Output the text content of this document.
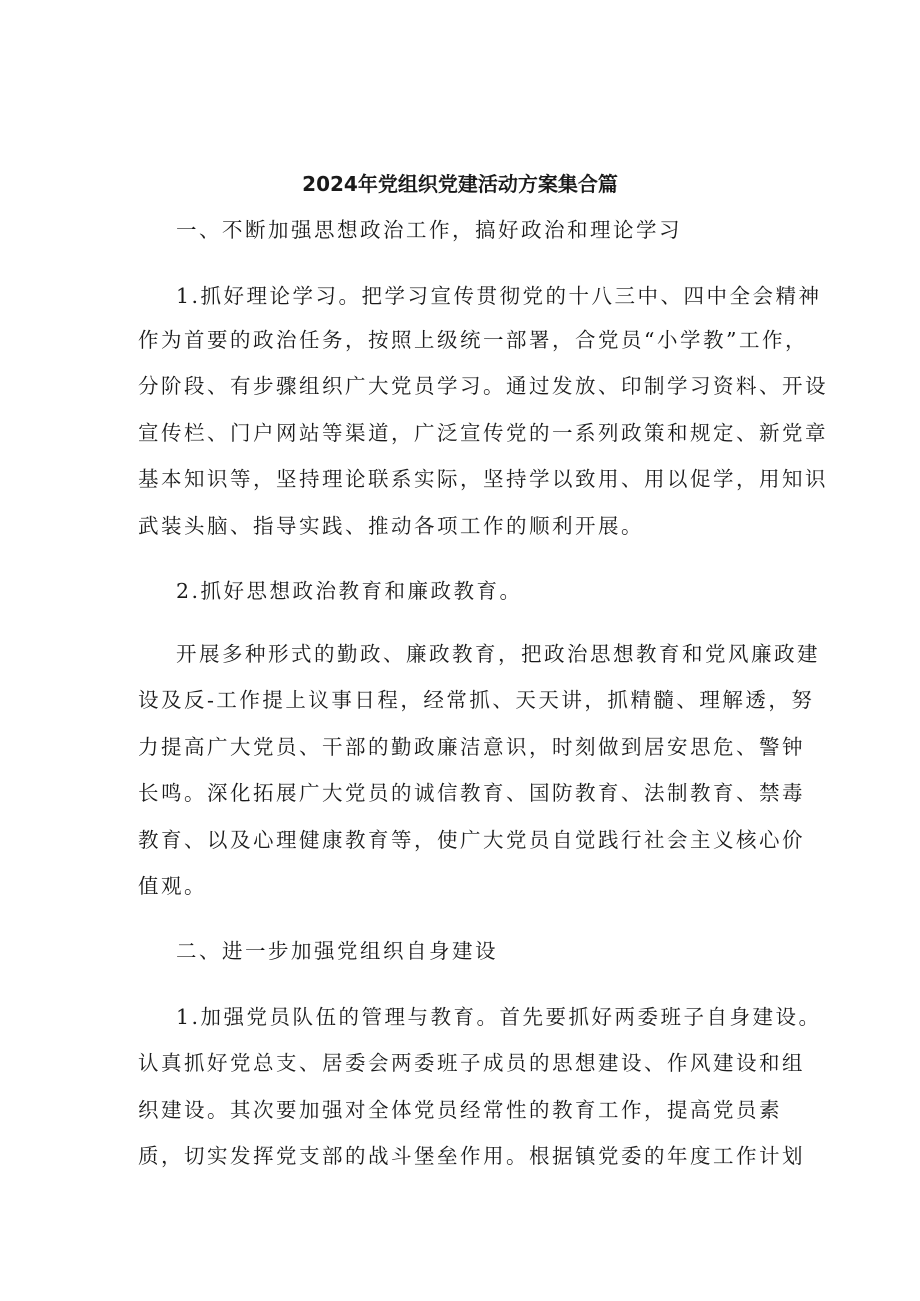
2024年党组织党建活动方案集合篇
一、不断加强思想政治工作，搞好政治和理论学习
1.抓好理论学习。把学习宣传贯彻党的十八三中、四中全会精神
作为首要的政治任务，按照上级统一部署，合党员“小学教”工作，
分阶段、有步骤组织广大党员学习。通过发放、印制学习资料、开设
宣传栏、门户网站等渠道，广泛宣传党的一系列政策和规定、新党章
基本知识等，坚持理论联系实际，坚持学以致用、用以促学，用知识
武装头脑、指导实践、推动各项工作的顺利开展。
2.抓好思想政治教育和廉政教育。
开展多种形式的勤政、廉政教育，把政治思想教育和党风廉政建
设及反-工作提上议事日程，经常抓、天天讲，抓精髓、理解透，努
力提高广大党员、干部的勤政廉洁意识，时刻做到居安思危、警钟
长鸣。深化拓展广大党员的诚信教育、国防教育、法制教育、禁毒
教育、以及心理健康教育等，使广大党员自觉践行社会主义核心价
值观。
二、进一步加强党组织自身建设
1.加强党员队伍的管理与教育。首先要抓好两委班子自身建设。
认真抓好党总支、居委会两委班子成员的思想建设、作风建设和组
织建设。其次要加强对全体党员经常性的教育工作，提高党员素
质，切实发挥党支部的战斗堡垒作用。根据镇党委的年度工作计划
